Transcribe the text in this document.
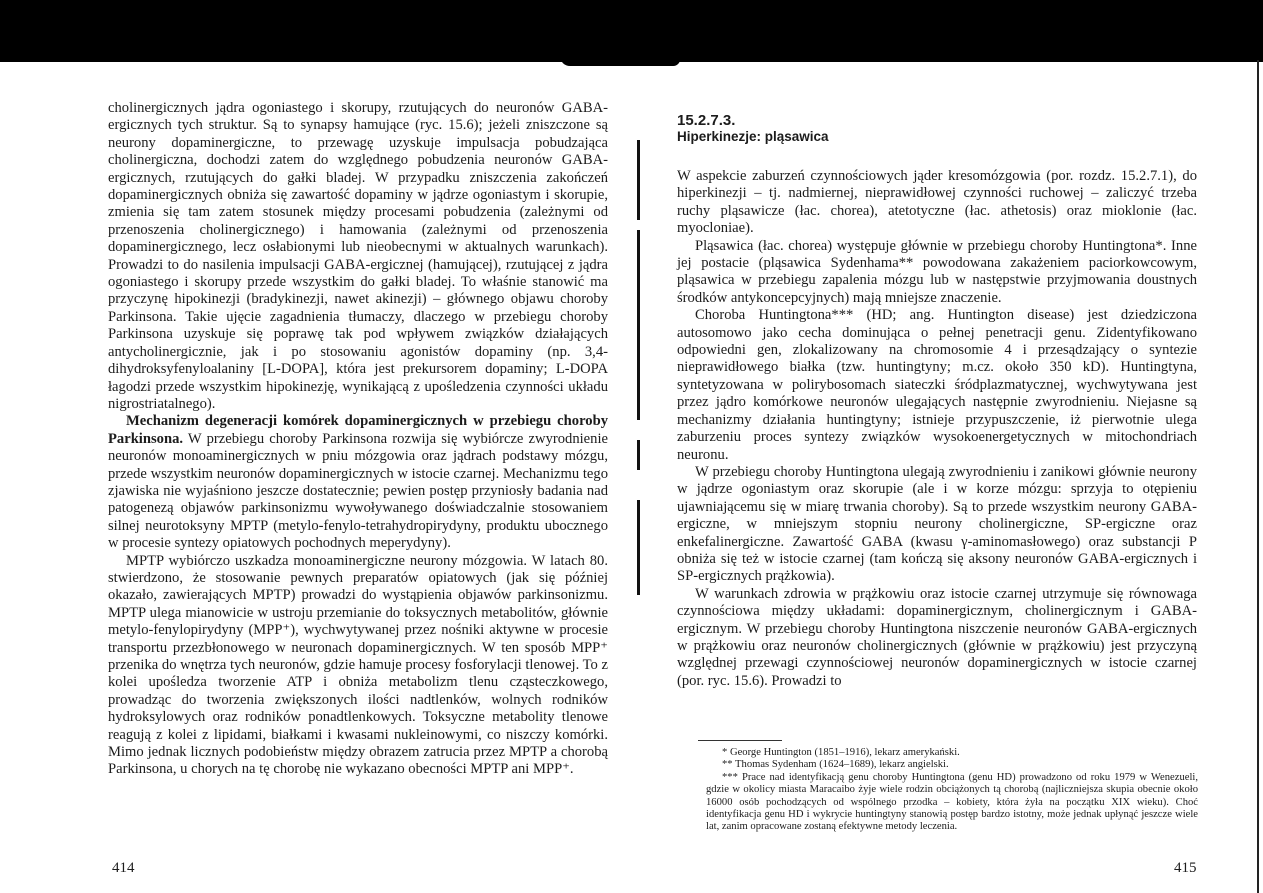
cholinergicznych jądra ogoniastego i skorupy, rzutujących do neuronów GABA-ergicznych tych struktur. Są to synapsy hamujące (ryc. 15.6); jeżeli zniszczone są neurony dopaminergiczne, to przewagę uzyskuje impulsacja pobudzająca cholinergiczna, dochodzi zatem do względnego pobudzenia neuronów GABA-ergicznych, rzutujących do gałki bladej. W przypadku zniszczenia zakończeń dopaminergicznych obniża się zawartość dopaminy w jądrze ogoniastym i skorupie, zmienia się tam zatem stosunek między procesami pobudzenia (zależnymi od przenoszenia cholinergicznego) i hamowania (zależnymi od przenoszenia dopaminergicznego, lecz osłabionymi lub nieobecnymi w aktualnych warunkach). Prowadzi to do nasilenia impulsacji GABA-ergicznej (hamującej), rzutującej z jądra ogoniastego i skorupy przede wszystkim do gałki bladej. To właśnie stanowić ma przyczynę hipokinezji (bradykinezji, nawet akinezji) – głównego objawu choroby Parkinsona. Takie ujęcie zagadnienia tłumaczy, dlaczego w przebiegu choroby Parkinsona uzyskuje się poprawę tak pod wpływem związków działających antycholinergicznie, jak i po stosowaniu agonistów dopaminy (np. 3,4-dihydroksyfenyloalaniny [L-DOPA], która jest prekursorem dopaminy; L-DOPA łagodzi przede wszystkim hipokinezję, wynikającą z upośledzenia czynności układu nigrostriatalnego).

Mechanizm degeneracji komórek dopaminergicznych w przebiegu choroby Parkinsona. W przebiegu choroby Parkinsona rozwija się wybiórcze zwyrodnienie neuronów monoaminergicznych w pniu mózgowia oraz jądrach podstawy mózgu, przede wszystkim neuronów dopaminergicznych w istocie czarnej. Mechanizmu tego zjawiska nie wyjaśniono jeszcze dostatecznie; pewien postęp przyniosły badania nad patogenezą objawów parkinsonizmu wywoływanego doświadczalnie stosowaniem silnej neurotoksyny MPTP (metylo-fenylo-tetrahydropirydyny, produktu ubocznego w procesie syntezy opiatowych pochodnych meperydyny).

MPTP wybiórczo uszkadza monoaminergiczne neurony mózgowia. W latach 80. stwierdzono, że stosowanie pewnych preparatów opiatowych (jak się później okazało, zawierających MPTP) prowadzi do wystąpienia objawów parkinsonizmu. MPTP ulega mianowicie w ustroju przemianie do toksycznych metabolitów, głównie metylo-fenylopirydyny (MPP⁺), wychwytywanej przez nośniki aktywne w procesie transportu przezbłonowego w neuronach dopaminergicznych. W ten sposób MPP⁺ przenika do wnętrza tych neuronów, gdzie hamuje procesy fosforylacji tlenowej. To z kolei upośledza tworzenie ATP i obniża metabolizm tlenu cząsteczkowego, prowadząc do tworzenia zwiększonych ilości nadtlenków, wolnych rodników hydroksylowych oraz rodników ponadtlenkowych. Toksyczne metabolity tlenowe reagują z kolei z lipidami, białkami i kwasami nukleinowymi, co niszczy komórki. Mimo jednak licznych podobieństw między obrazem zatrucia przez MPTP a chorobą Parkinsona, u chorych na tę chorobę nie wykazano obecności MPTP ani MPP⁺.

15.2.7.3.
Hiperkinezje: pląsawica

W aspekcie zaburzeń czynnościowych jąder kresomózgowia (por. rozdz. 15.2.7.1), do hiperkinezji – tj. nadmiernej, nieprawidłowej czynności ruchowej – zaliczyć trzeba ruchy pląsawicze (łac. chorea), atetotyczne (łac. athetosis) oraz mioklonie (łac. myocloniae).

Pląsawica (łac. chorea) występuje głównie w przebiegu choroby Huntingtona*. Inne jej postacie (pląsawica Sydenhama** powodowana zakażeniem paciorkowcowym, pląsawica w przebiegu zapalenia mózgu lub w następstwie przyjmowania doustnych środków antykoncepcyjnych) mają mniejsze znaczenie.

Choroba Huntingtona*** (HD; ang. Huntington disease) jest dziedziczona autosomowo jako cecha dominująca o pełnej penetracji genu. Zidentyfikowano odpowiedni gen, zlokalizowany na chromosomie 4 i przesądzający o syntezie nieprawidłowego białka (tzw. huntingtyny; m.cz. około 350 kD). Huntingtyna, syntetyzowana w polirybosomach siateczki śródplazmatycznej, wychwytywana jest przez jądro komórkowe neuronów ulegających następnie zwyrodnieniu. Niejasne są mechanizmy działania huntingtyny; istnieje przypuszczenie, iż pierwotnie ulega zaburzeniu proces syntezy związków wysokoenergetycznych w mitochondriach neuronu.

W przebiegu choroby Huntingtona ulegają zwyrodnieniu i zanikowi głównie neurony w jądrze ogoniastym oraz skorupie (ale i w korze mózgu: sprzyja to otępieniu ujawniającemu się w miarę trwania choroby). Są to przede wszystkim neurony GABA-ergiczne, w mniejszym stopniu neurony cholinergiczne, SP-ergiczne oraz enkefalinergiczne. Zawartość GABA (kwasu γ-aminomasłowego) oraz substancji P obniża się też w istocie czarnej (tam kończą się aksony neuronów GABA-ergicznych i SP-ergicznych prążkowia).

W warunkach zdrowia w prążkowiu oraz istocie czarnej utrzymuje się równowaga czynnościowa między układami: dopaminergicznym, cholinergicznym i GABA-ergicznym. W przebiegu choroby Huntingtona niszczenie neuronów GABA-ergicznych w prążkowiu oraz neuronów cholinergicznych (głównie w prążkowiu) jest przyczyną względnej przewagi czynnościowej neuronów dopaminergicznych w istocie czarnej (por. ryc. 15.6). Prowadzi to

* George Huntington (1851–1916), lekarz amerykański.

** Thomas Sydenham (1624–1689), lekarz angielski.

*** Prace nad identyfikacją genu choroby Huntingtona (genu HD) prowadzono od roku 1979 w Wenezueli, gdzie w okolicy miasta Maracaibo żyje wiele rodzin obciążonych tą chorobą (najliczniejsza skupia obecnie około 16000 osób pochodzących od wspólnego przodka – kobiety, która żyła na początku XIX wieku). Choć identyfikacja genu HD i wykrycie huntingtyny stanowią postęp bardzo istotny, może jednak upłynąć jeszcze wiele lat, zanim opracowane zostaną efektywne metody leczenia.

414	415
